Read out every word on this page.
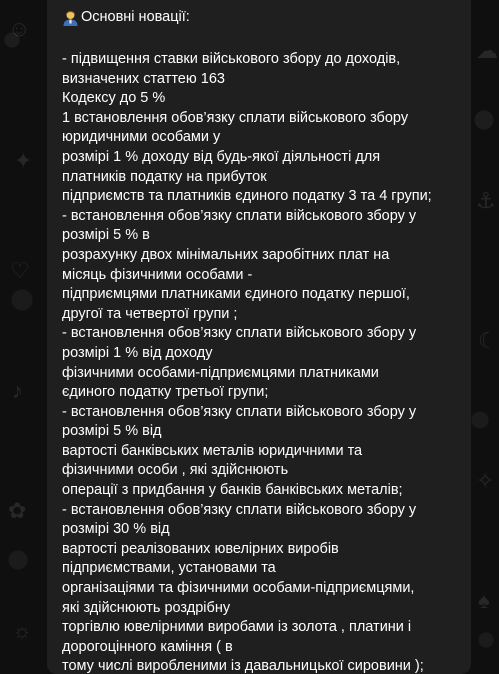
☺
✦
♡
♪
✿
☼
☁
⚓
☾
✧
♠
Основні новації:
- підвищення ставки військового збору до доходів,
визначених статтею 163
Кодексу до 5 %
1 встановлення обов’язку сплати військового збору
юридичними особами у
розмірі 1 % доходу від будь-якої діяльності для
платників податку на прибуток
підприємств та платників єдиного податку 3 та 4 групи;
- встановлення обов’язку сплати військового збору у
розмірі 5 % в
розрахунку двох мінімальних заробітних плат на
місяць фізичними особами -
підприємцями платниками єдиного податку першої,
другої та четвертої групи ;
- встановлення обов’язку сплати військового збору у
розмірі 1 % від доходу
фізичними особами-підприємцями платниками
єдиного податку третьої групи;
- встановлення обов’язку сплати військового збору у
розмірі 5 % від
вартості банківських металів юридичними та
фізичними особи , які здійснюють
операції з придбання у банків банківських металів;
- встановлення обов’язку сплати військового збору у
розмірі 30 % від
вартості реалізованих ювелірних виробів
підприємствами, установами та
організаціями та фізичними особами-підприємцями,
які здійснюють роздрібну
торгівлю ювелірними виробами із золота , платини і
дорогоцінного каміння ( в
тому числі виробленими із давальницької сировини );
